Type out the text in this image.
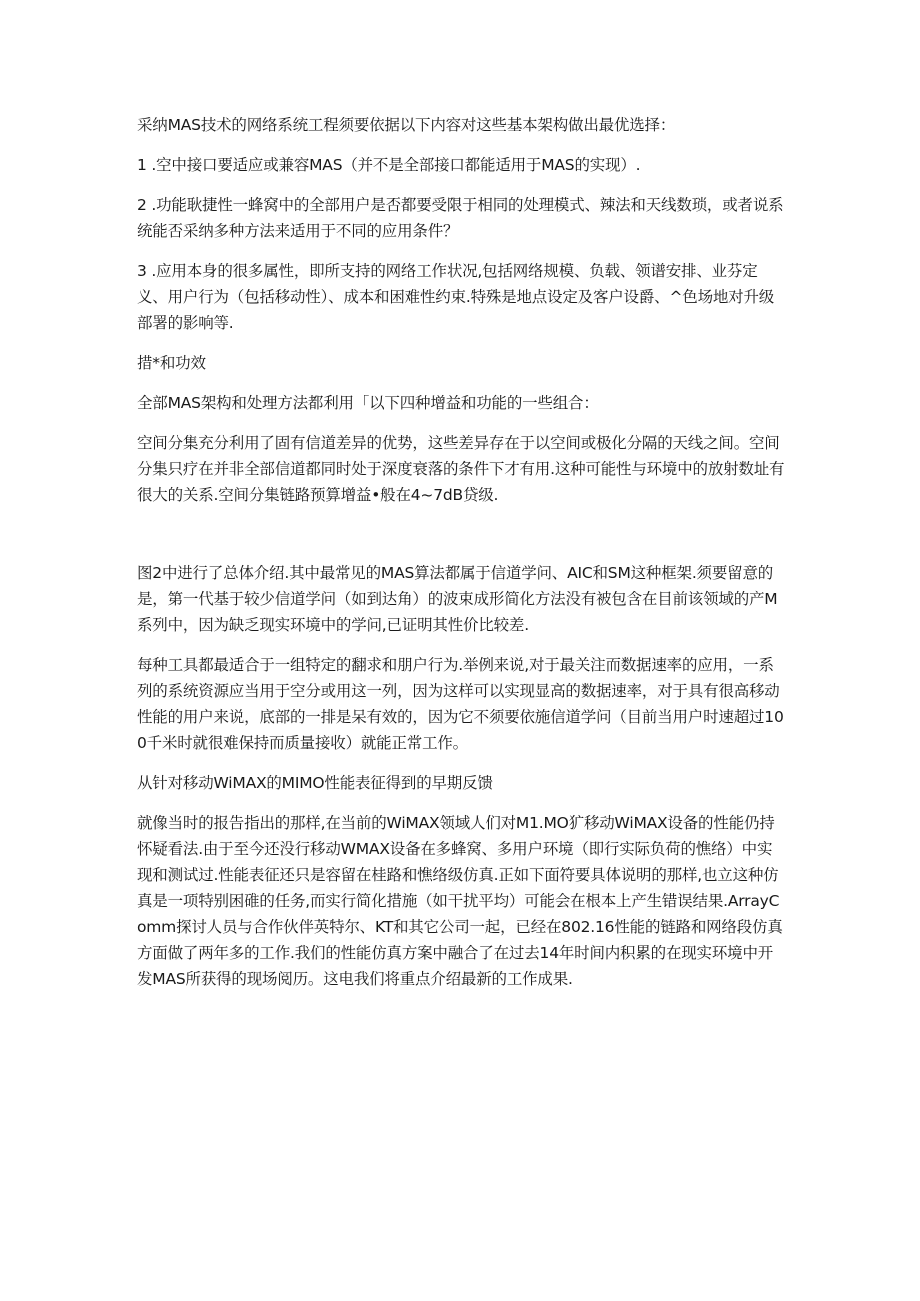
采纳MAS技术的网络系统工程须要依据以下内容对这些基本架构做出最优选择：

1 .空中接口要适应或兼容MAS（并不是全部接口都能适用于MAS的实现）.

2 .功能耿捷性一蜂窝中的全部用户是否都要受限于相同的处理模式、辣法和天线数琐，或者说系统能否采纳多种方法来适用于不同的应用条件？

3 .应用本身的很多属性，即所支持的网络工作状况,包括网络规模、负载、领谱安排、业芬定义、用户行为（包括移动性）、成本和困难性约束.特殊是地点设定及客户设爵、^色场地对升级部署的影响等.

措*和功效

全部MAS架构和处理方法都利用「以下四种增益和功能的一些组合：

空间分集充分利用了固有信道差异的优势，这些差异存在于以空间或极化分隔的天线之间。空间分集只疗在并非全部信道都同时处于深度衰落的条件下才有用.这种可能性与环境中的放射数址有很大的关系.空间分集链路预算增益•般在4~7dB贷级.

图2中进行了总体介绍.其中最常见的MAS算法都属于信道学问、AIC和SM这种框架.须要留意的是，第一代基于较少信道学问（如到达角）的波束成形简化方法没有被包含在目前该领域的产M系列中，因为缺乏现实环境中的学问,已证明其性价比较差.

每种工具都最适合于一组特定的翻求和朋户行为.举例来说,对于最关注而数据速率的应用，一系列的系统资源应当用于空分或用这一列，因为这样可以实现显高的数据速率，对于具有很高移动性能的用户来说，底部的一排是呆有效的，因为它不须要依施信道学问（目前当用户时速超过100千米时就很难保持而质量接收）就能正常工作。

从针对移动WiMAX的MIMO性能表征得到的早期反馈

就像当时的报告指出的那样,在当前的WiMAX领域人们对M1.MO犷移动WiMAX设备的性能仍持怀疑看法.由于至今还没行移动WMAX设备在多蜂窝、多用户环境（即行实际负荷的憔络）中实现和测试过.性能表征还只是容留在桂路和憔络级仿真.正如下面符要具体说明的那样,也立这种仿真是一项特别困碓的任务,而实行简化措施（如干扰平均）可能会在根本上产生错误结果.ArrayComm探讨人员与合作伙伴英特尔、KT和其它公司一起，已经在802.16性能的链路和网络段仿真方面做了两年多的工作.我们的性能仿真方案中融合了在过去14年时间内积累的在现实环境中开发MAS所获得的现场阅历。这电我们将重点介绍最新的工作成果.
